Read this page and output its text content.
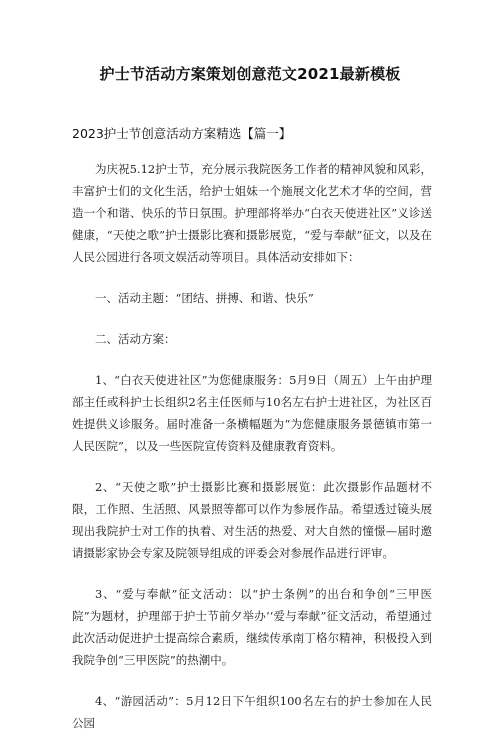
护士节活动方案策划创意范文2021最新模板
2023护士节创意活动方案精选【篇一】

为庆祝5.12护士节，充分展示我院医务工作者的精神风貌和风彩，丰富护士们的文化生活，给护士姐妹一个施展文化艺术才华的空间，营造一个和谐、快乐的节日氛围。护理部将举办“白衣天使进社区”义诊送健康，“天使之歌”护士摄影比赛和摄影展览，“爱与奉献”征文，以及在人民公园进行各项文娱活动等项目。具体活动安排如下：

一、活动主题：“团结、拼搏、和谐、快乐”

二、活动方案：

1、“白衣天使进社区”为您健康服务：5月9日（周五）上午由护理部主任或科护士长组织2名主任医师与10名左右护士进社区，为社区百姓提供义诊服务。届时准备一条横幅题为“为您健康服务景德镇市第一人民医院”，以及一些医院宣传资料及健康教育资料。

2、“天使之歌”护士摄影比赛和摄影展览：此次摄影作品题材不限，工作照、生活照、风景照等都可以作为参展作品。希望透过镜头展现出我院护士对工作的执着、对生活的热爱、对大自然的憧憬—届时邀请摄影家协会专家及院领导组成的评委会对参展作品进行评审。

3、“爱与奉献”征文活动：以“护士条例”的出台和争创“三甲医院”为题材，护理部于护士节前夕举办‘‘爱与奉献”征文活动，希望通过此次活动促进护士提高综合素质，继续传承南丁格尔精神，积极投入到我院争创“三甲医院”的热潮中。

4、“游园活动”：5月12日下午组织100名左右的护士参加在人民公园
